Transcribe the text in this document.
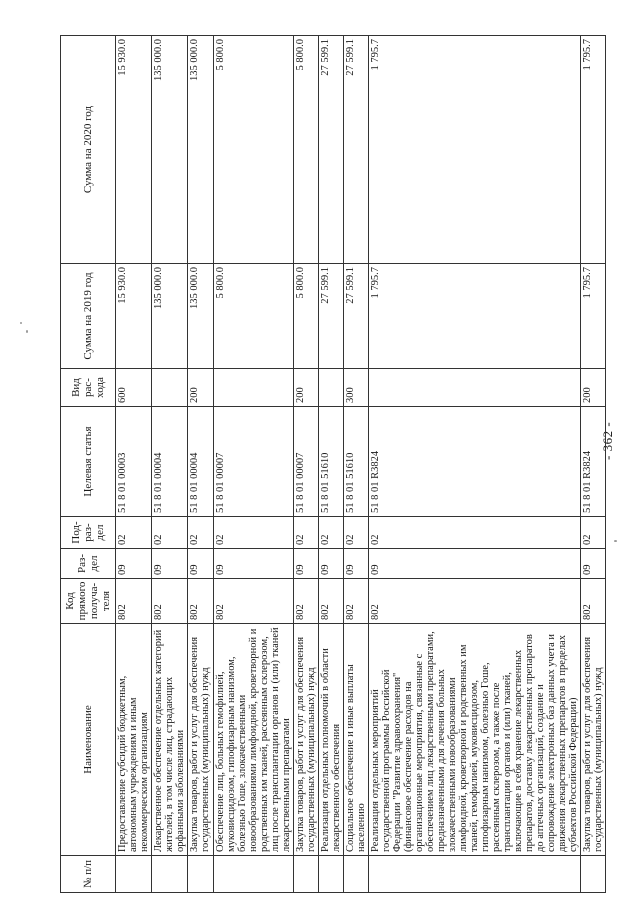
- 362 -
№ п/п	Наименование	Код прямого получа-теля	Раз-дел	Под-раз-дел	Целевая статья	Вид рас-хода	Сумма на 2019 год	Сумма на 2020 год
	Предоставление субсидий бюджетным, автономным учреждениям и иным некоммерческим организациям	802	09	02	51 8 01 00003	600	15 930.0	15 930.0
	Лекарственное обеспечение отдельных категорий жителей, в том числе лиц, страдающих орфанными заболеваниями	802	09	02	51 8 01 00004		135 000.0	135 000.0
	Закупка товаров, работ и услуг для обеспечения государственных (муниципальных) нужд	802	09	02	51 8 01 00004	200	135 000.0	135 000.0
	Обеспечение лиц, больных гемофилией, муковисцидозом, гипофизарным нанизмом, болезнью Гоше, злокачественными новообразованиями лимфоидной, кроветворной и родственных им тканей, рассеянным склерозом, лиц после трансплантации органов и (или) тканей лекарственными препаратами	802	09	02	51 8 01 00007		5 800.0	5 800.0
	Закупка товаров, работ и услуг для обеспечения государственных (муниципальных) нужд	802	09	02	51 8 01 00007	200	5 800.0	5 800.0
	Реализация отдельных полномочий в области лекарственного обеспечения	802	09	02	51 8 01 51610		27 599.1	27 599.1
	Социальное обеспечение и иные выплаты населению	802	09	02	51 8 01 51610	300	27 599.1	27 599.1
	Реализация отдельных мероприятий государственной программы Российской Федерации "Развитие здравоохранения" (финансовое обеспечение расходов на организационные мероприятия, связанные с обеспечением лиц лекарственными препаратами, предназначенными для лечения больных злокачественными новообразованиями лимфоидной, кроветворной и родственных им тканей, гемофилией, муковисцидозом, гипофизарным нанизмом, болезнью Гоше, рассеянным склерозом, а также после трансплантации органов и (или) тканей, включающие в себя хранение лекарственных препаратов, доставку лекарственных препаратов до аптечных организаций, создание и сопровождение электронных баз данных учета и движения лекарственных препаратов в пределах субъектов Российской Федерации)	802	09	02	51 8 01 R3824		1 795.7	1 795.7
	Закупка товаров, работ и услуг для обеспечения государственных (муниципальных) нужд	802	09	02	51 8 01 R3824	200	1 795.7	1 795.7
